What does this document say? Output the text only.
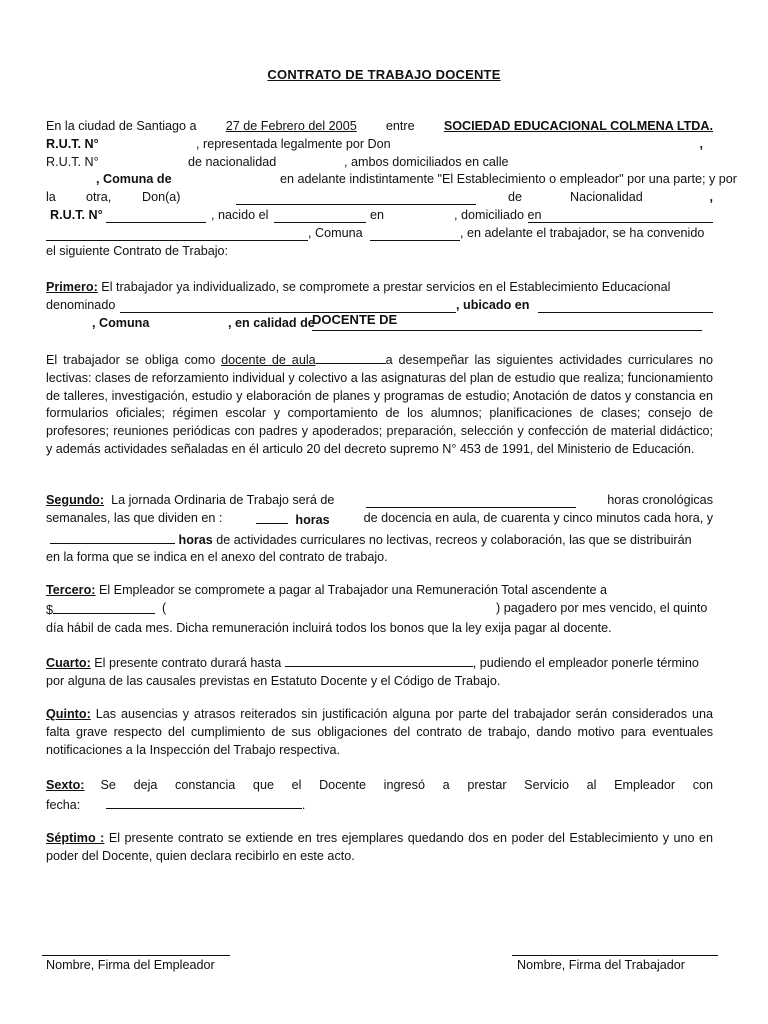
CONTRATO DE TRABAJO DOCENTE
En la ciudad de Santiago a 27 de Febrero del 2005 entre SOCIEDAD EDUCACIONAL COLMENA LTDA.
R.U.T. N°	, representada legalmente por Don	,
R.U.T. N°	de nacionalidad	, ambos domiciliados en calle
, Comuna de	en adelante indistintamente "El Establecimiento o empleador" por una parte; y por

la otra, Don(a)	de	Nacionalidad	,

R.U.T. N°	, nacido el	en	, domiciliado en

, Comuna	, en adelante el trabajador, se ha convenido

el siguiente Contrato de Trabajo:
Primero: El trabajador ya individualizado, se compromete a prestar servicios en el Establecimiento Educacional
denominado	, ubicado en
, Comuna	, en calidad de
DOCENTE DE

El trabajador se obliga como docente de aula	a desempeñar las siguientes actividades curriculares no lectivas: clases de reforzamiento individual y colectivo a las asignaturas del plan de estudio que realiza; funcionamiento de talleres, investigación, estudio y elaboración de planes y programas de estudio; Anotación de datos y constancia en formularios oficiales; régimen escolar y comportamiento de los alumnos; planificaciones de clases; consejo de profesores; reuniones periódicas con padres y apoderados; preparación, selección y confección de material didáctico; y además actividades señaladas en él articulo 20 del decreto supremo N° 453 de 1991, del Ministerio de Educación.
Segundo: La jornada Ordinaria de Trabajo será de	horas cronológicas
semanales, las que dividen en :	horas	de docencia en aula, de cuarenta y cinco minutos cada hora, y
horas de actividades curriculares no lectivas, recreos y colaboración, las que se distribuirán
en la forma que se indica en el anexo del contrato de trabajo.
Tercero: El Empleador se compromete a pagar al Trabajador una Remuneración Total ascendente a
$	(	) pagadero por mes vencido, el quinto
día hábil de cada mes. Dicha remuneración incluirá todos los bonos que la ley exija pagar al docente.
Cuarto: El presente contrato durará hasta	, pudiendo el empleador ponerle término
por alguna de las causales previstas en Estatuto Docente y el Código de Trabajo.
Quinto: Las ausencias y atrasos reiterados sin justificación alguna por parte del trabajador serán considerados una falta grave respecto del cumplimiento de sus obligaciones del contrato de trabajo, dando motivo para eventuales notificaciones a la Inspección del Trabajo respectiva.
Sexto:	Se deja constancia que el Docente ingresó a prestar Servicio al Empleador con
fecha:	.
Séptimo : El presente contrato se extiende en tres ejemplares quedando dos en poder del Establecimiento y uno en poder del Docente, quien declara recibirlo en este acto.
Nombre, Firma del Empleador	Nombre, Firma del Trabajador
